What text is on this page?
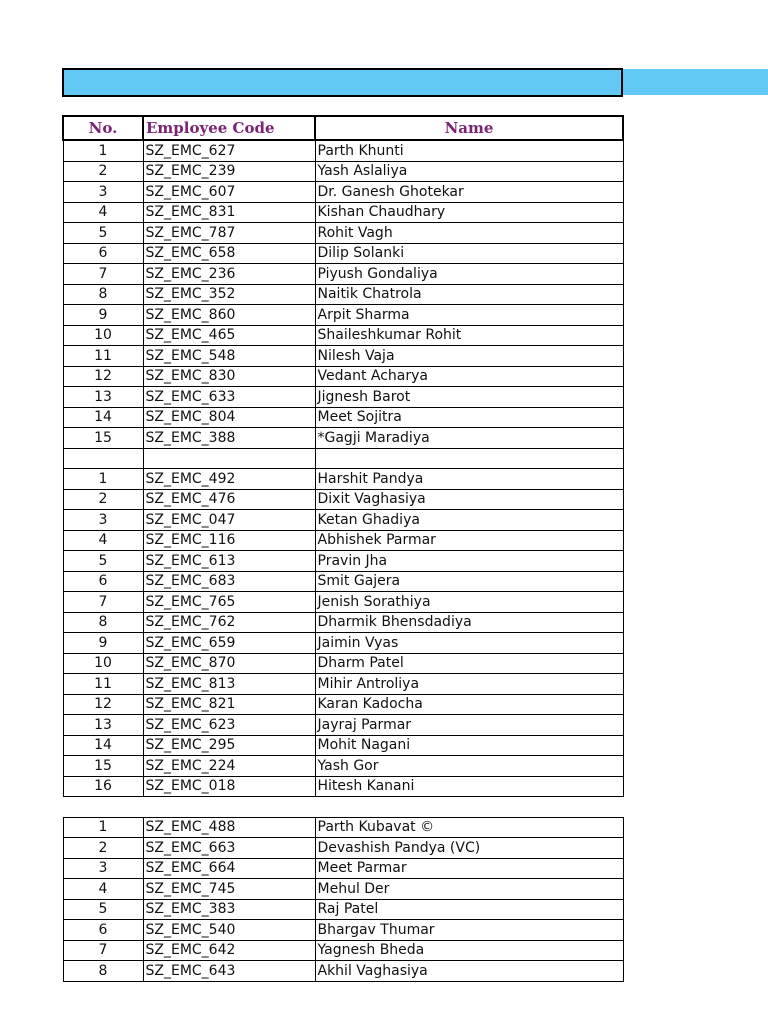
No.	Employee Code	Name
1	SZ_EMC_627	Parth Khunti
2	SZ_EMC_239	Yash Aslaliya
3	SZ_EMC_607	Dr. Ganesh Ghotekar
4	SZ_EMC_831	Kishan Chaudhary
5	SZ_EMC_787	Rohit Vagh
6	SZ_EMC_658	Dilip Solanki
7	SZ_EMC_236	Piyush Gondaliya
8	SZ_EMC_352	Naitik Chatrola
9	SZ_EMC_860	Arpit Sharma
10	SZ_EMC_465	Shaileshkumar Rohit
11	SZ_EMC_548	Nilesh Vaja
12	SZ_EMC_830	Vedant Acharya
13	SZ_EMC_633	Jignesh Barot
14	SZ_EMC_804	Meet Sojitra
15	SZ_EMC_388	*Gagji Maradiya

1	SZ_EMC_492	Harshit Pandya
2	SZ_EMC_476	Dixit Vaghasiya
3	SZ_EMC_047	Ketan Ghadiya
4	SZ_EMC_116	Abhishek Parmar
5	SZ_EMC_613	Pravin Jha
6	SZ_EMC_683	Smit Gajera
7	SZ_EMC_765	Jenish Sorathiya
8	SZ_EMC_762	Dharmik Bhensdadiya
9	SZ_EMC_659	Jaimin Vyas
10	SZ_EMC_870	Dharm Patel
11	SZ_EMC_813	Mihir Antroliya
12	SZ_EMC_821	Karan Kadocha
13	SZ_EMC_623	Jayraj Parmar
14	SZ_EMC_295	Mohit Nagani
15	SZ_EMC_224	Yash Gor
16	SZ_EMC_018	Hitesh Kanani

1	SZ_EMC_488	Parth Kubavat ©
2	SZ_EMC_663	Devashish Pandya (VC)
3	SZ_EMC_664	Meet Parmar
4	SZ_EMC_745	Mehul Der
5	SZ_EMC_383	Raj Patel
6	SZ_EMC_540	Bhargav Thumar
7	SZ_EMC_642	Yagnesh Bheda
8	SZ_EMC_643	Akhil Vaghasiya
